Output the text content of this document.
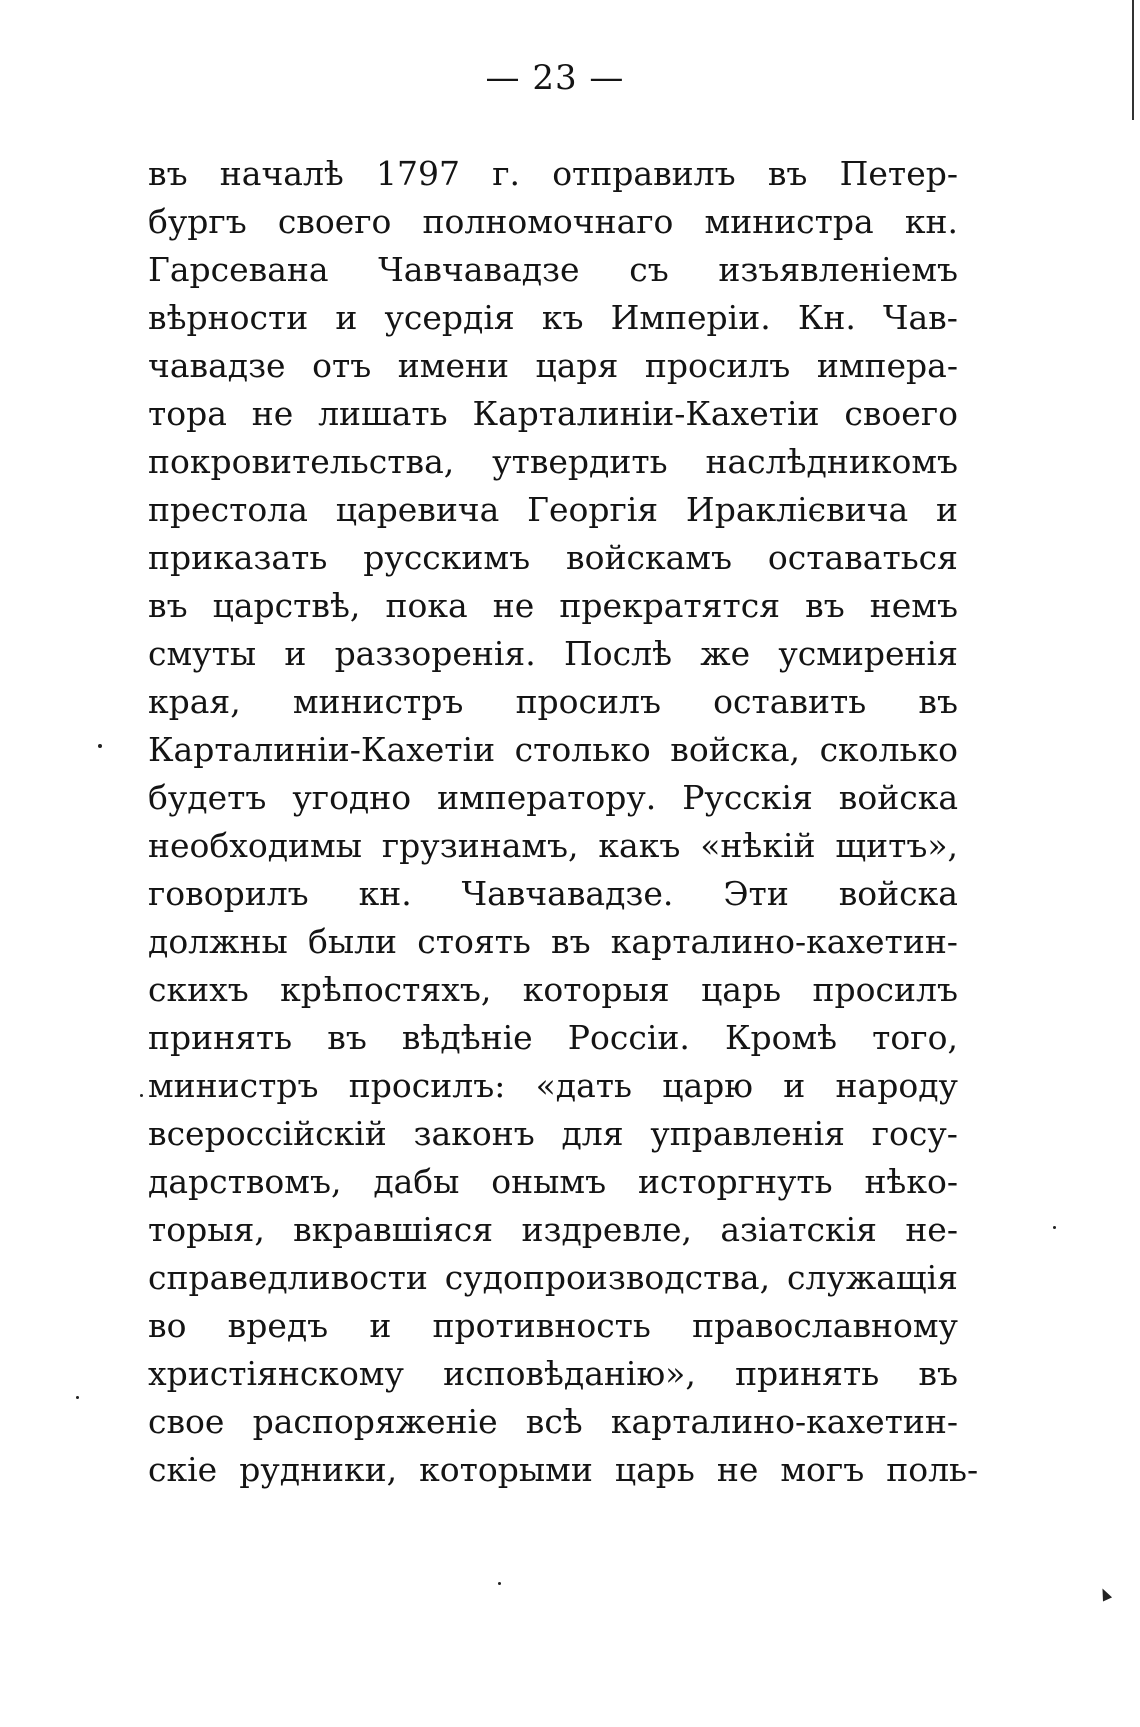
— 23 —
въ началѣ 1797 г. отправилъ въ Петер-
бургъ своего полномочнаго министра кн.
Гарсевана Чавчавадзе съ изъявленіемъ
вѣрности и усердія къ Имперіи. Кн. Чав-
чавадзе отъ имени царя просилъ импера-
тора не лишать Карталиніи-Кахетіи своего
покровительства, утвердить наслѣдникомъ
престола царевича Георгія Ираклієвича и
приказать русскимъ войскамъ оставаться
въ царствѣ, пока не прекратятся въ немъ
смуты и раззоренія. Послѣ же усмиренія
края, министръ просилъ оставить въ
Карталиніи-Кахетіи столько войска, сколько
будетъ угодно императору. Русскія войска
необходимы грузинамъ, какъ «нѣкій щитъ»,
говорилъ кн. Чавчавадзе. Эти войска
должны были стоять въ карталино-кахетин-
скихъ крѣпостяхъ, которыя царь просилъ
принять въ вѣдѣніе Россіи. Кромѣ того,
министръ просилъ: «дать царю и народу
всероссійскій законъ для управленія госу-
дарствомъ, дабы онымъ исторгнуть нѣко-
торыя, вкравшіяся издревле, азіатскія не-
справедливости судопроизводства, служащія
во вредъ и противность православному
христіянскому исповѣданію», принять въ
свое распоряженіе всѣ карталино-кахетин-
скіе рудники, которыми царь не могъ поль-
